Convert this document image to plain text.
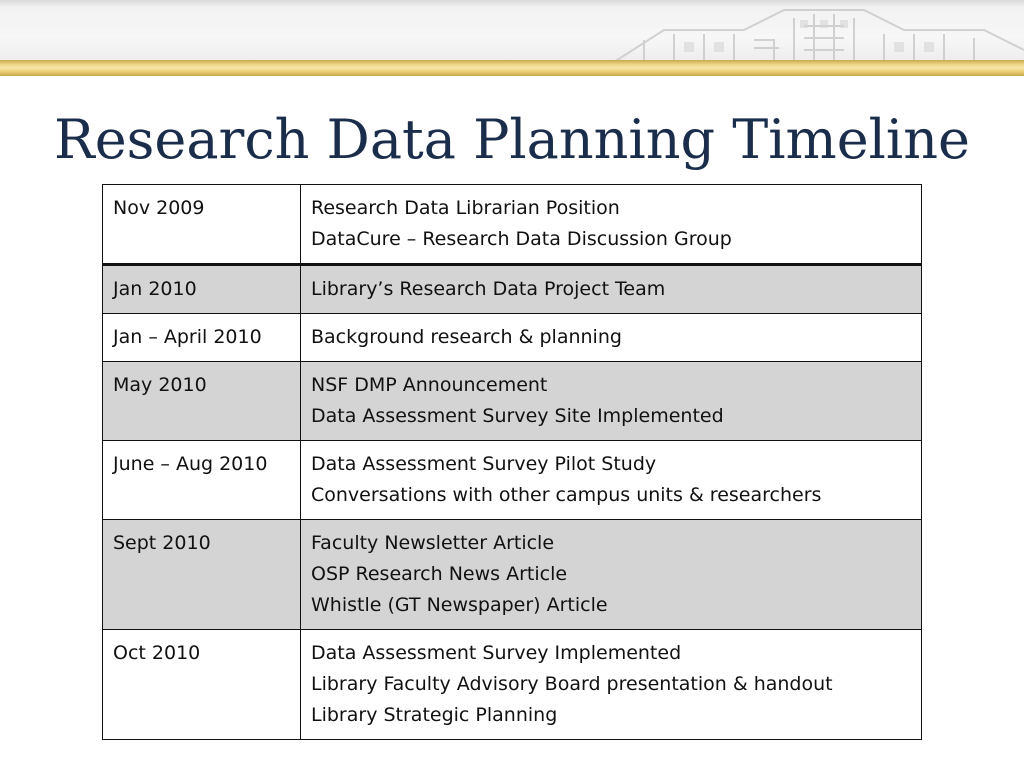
Research Data Planning Timeline
Nov 2009	Research Data Librarian Position
DataCure – Research Data Discussion Group

Jan 2010	Library’s Research Data Project Team

Jan – April 2010	Background research & planning

May 2010	NSF DMP Announcement
Data Assessment Survey Site Implemented

June – Aug 2010	Data Assessment Survey Pilot Study
Conversations with other campus units & researchers

Sept 2010	Faculty Newsletter Article
OSP Research News Article
Whistle (GT Newspaper) Article

Oct 2010	Data Assessment Survey Implemented
Library Faculty Advisory Board presentation & handout
Library Strategic Planning
